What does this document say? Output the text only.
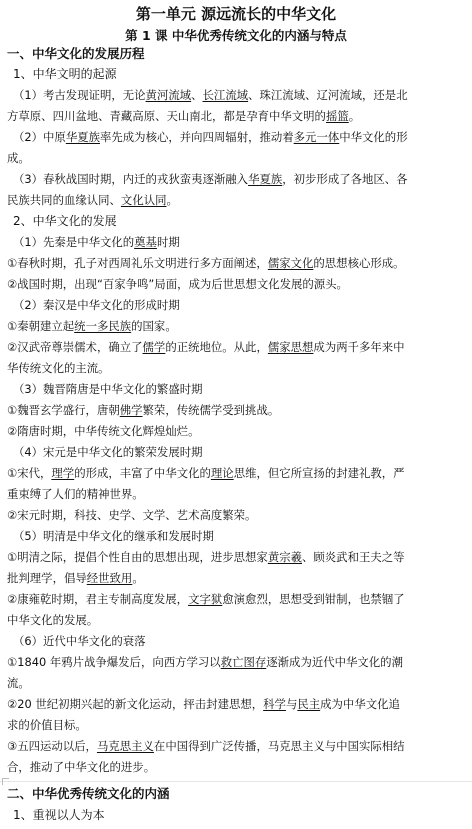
第一单元 源远流长的中华文化
第 1 课 中华优秀传统文化的内涵与特点
一、中华文化的发展历程
1、中华文明的起源
（1）考古发现证明，无论黄河流域、长江流域、珠江流域、辽河流域，还是北
方草原、四川盆地、青藏高原、天山南北，都是孕育中华文明的摇篮。
（2）中原华夏族率先成为核心，并向四周辐射，推动着多元一体中华文化的形
成。
（3）春秋战国时期，内迁的戎狄蛮夷逐渐融入华夏族，初步形成了各地区、各
民族共同的血缘认同、文化认同。
2、中华文化的发展
（1）先秦是中华文化的奠基时期
①春秋时期，孔子对西周礼乐文明进行多方面阐述，儒家文化的思想核心形成。
②战国时期，出现“百家争鸣”局面，成为后世思想文化发展的源头。
（2）秦汉是中华文化的形成时期
①秦朝建立起统一多民族的国家。
②汉武帝尊崇儒术，确立了儒学的正统地位。从此，儒家思想成为两千多年来中
华传统文化的主流。
（3）魏晋隋唐是中华文化的繁盛时期
①魏晋玄学盛行，唐朝佛学繁荣，传统儒学受到挑战。
②隋唐时期，中华传统文化辉煌灿烂。
（4）宋元是中华文化的繁荣发展时期
①宋代，理学的形成，丰富了中华文化的理论思维，但它所宣扬的封建礼教，严
重束缚了人们的精神世界。
②宋元时期，科技、史学、文学、艺术高度繁荣。
（5）明清是中华文化的继承和发展时期
①明清之际，提倡个性自由的思想出现，进步思想家黄宗羲、顾炎武和王夫之等
批判理学，倡导经世致用。
②康雍乾时期，君主专制高度发展，文字狱愈演愈烈，思想受到钳制，也禁锢了
中华文化的发展。
（6）近代中华文化的衰落
①1840 年鸦片战争爆发后，向西方学习以救亡图存逐渐成为近代中华文化的潮
流。
②20 世纪初期兴起的新文化运动，抨击封建思想，科学与民主成为中华文化追
求的价值目标。
③五四运动以后，马克思主义在中国得到广泛传播，马克思主义与中国实际相结
合，推动了中华文化的进步。
二、中华优秀传统文化的内涵
1、重视以人为本
